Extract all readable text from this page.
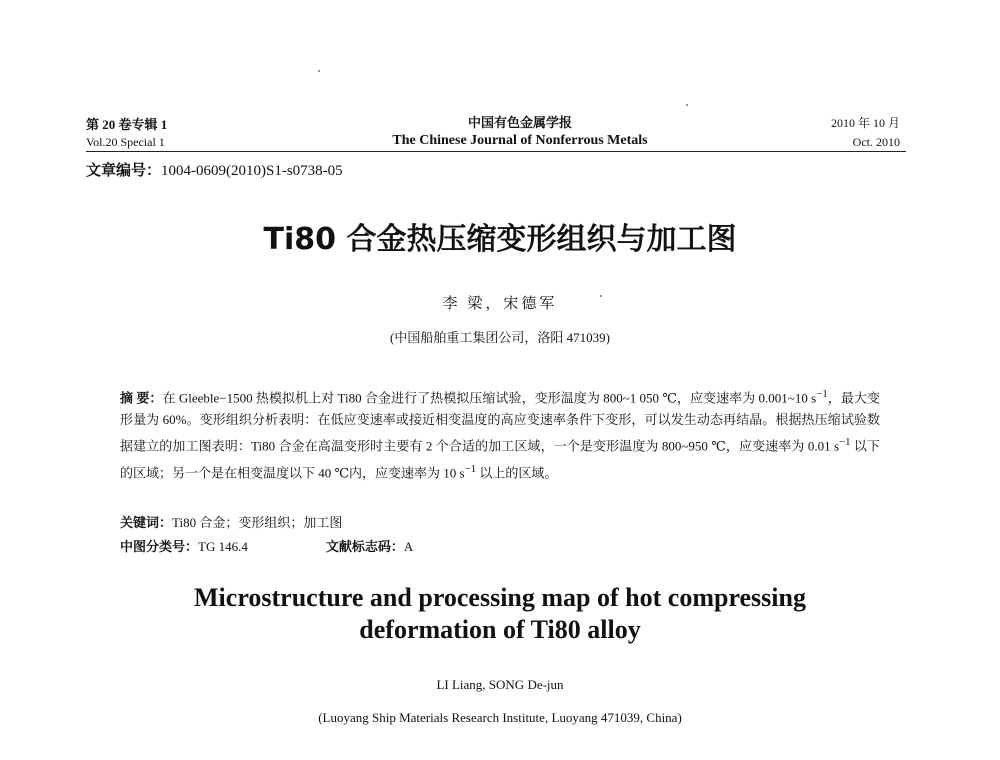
第 20 卷专辑 1
Vol.20 Special 1
中国有色金属学报
The Chinese Journal of Nonferrous Metals
2010 年 10 月
Oct. 2010
文章编号：1004-0609(2010)S1-s0738-05
Ti80 合金热压缩变形组织与加工图
李 梁，宋德军
(中国船舶重工集团公司，洛阳 471039)
摘 要：在 Gleeble−1500 热模拟机上对 Ti80 合金进行了热模拟压缩试验，变形温度为 800~1 050 ℃，应变速率为 0.001~10 $s^{-1}$，最大变形量为 60%。变形组织分析表明：在低应变速率或接近相变温度的高应变速率条件下变形，可以发生动态再结晶。根据热压缩试验数据建立的加工图表明：Ti80 合金在高温变形时主要有 2 个合适的加工区域，一个是变形温度为 800~950 ℃，应变速率为 0.01 $s^{-1}$ 以下的区域；另一个是在相变温度以下 40 ℃内，应变速率为 10 $s^{-1}$ 以上的区域。
关键词：Ti80 合金；变形组织；加工图
中图分类号：TG 146.4	文献标志码：A
Microstructure and processing map of hot compressing
deformation of Ti80 alloy
LI Liang, SONG De-jun
(Luoyang Ship Materials Research Institute, Luoyang 471039, China)
